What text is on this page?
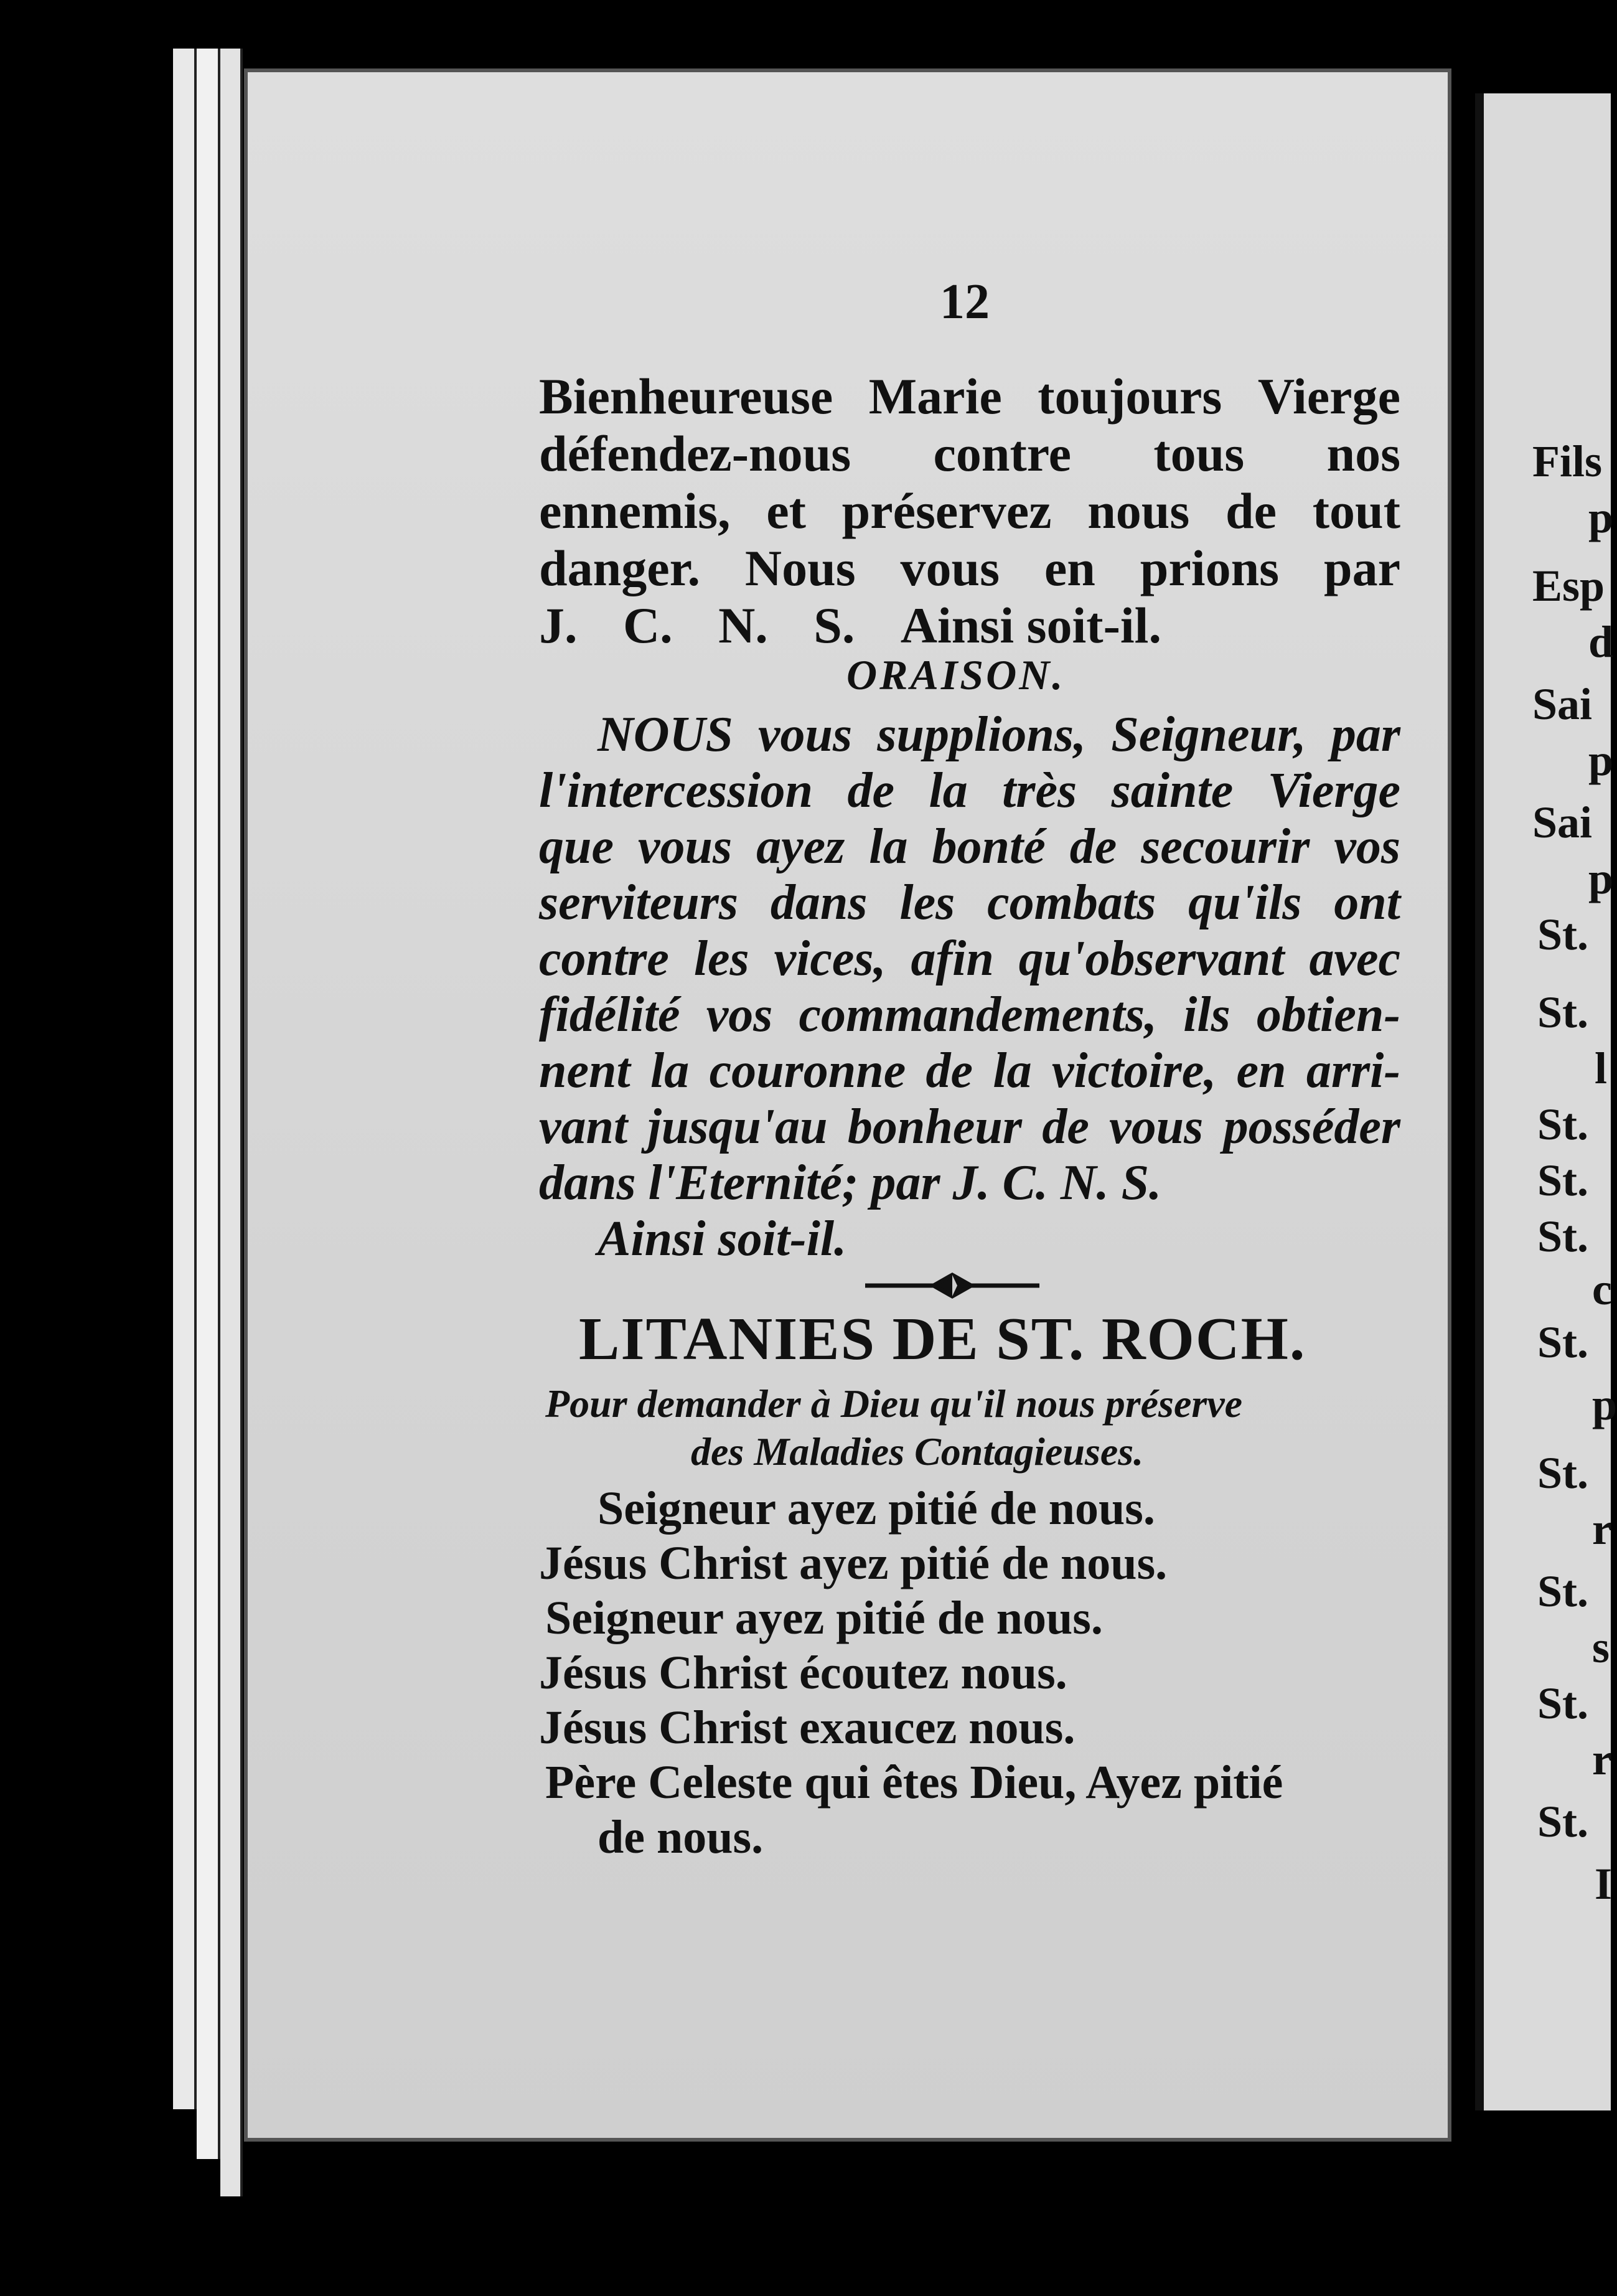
12
Bienheureuse Marie toujours Vierge
défendez-nous contre tous nos
ennemis, et préservez nous de tout
danger. Nous vous en prions par
J. C. N. S. Ainsi soit-il.
ORAISON.
NOUS vous supplions, Seigneur, par
l'intercession de la très sainte Vierge
que vous ayez la bonté de secourir vos
serviteurs dans les combats qu'ils ont
contre les vices, afin qu'observant avec
fidélité vos commandements, ils obtien-
nent la couronne de la victoire, en arri-
vant jusqu'au bonheur de vous posséder
dans l'Eternité; par J. C. N. S.
Ainsi soit-il.
LITANIES DE ST. ROCH.
Pour demander à Dieu qu'il nous préserve
des Maladies Contagieuses.
Seigneur ayez pitié de nous.
Jésus Christ ayez pitié de nous.
Seigneur ayez pitié de nous.
Jésus Christ écoutez nous.
Jésus Christ exaucez nous.
Père Celeste qui êtes Dieu, Ayez pitié
de nous.
Fils
p
Esp
d
Sai
p
Sai
p
St.
St.
l
St.
St.
St.
c
St.
p
St.
r
St.
s
St.
r
St.
I
